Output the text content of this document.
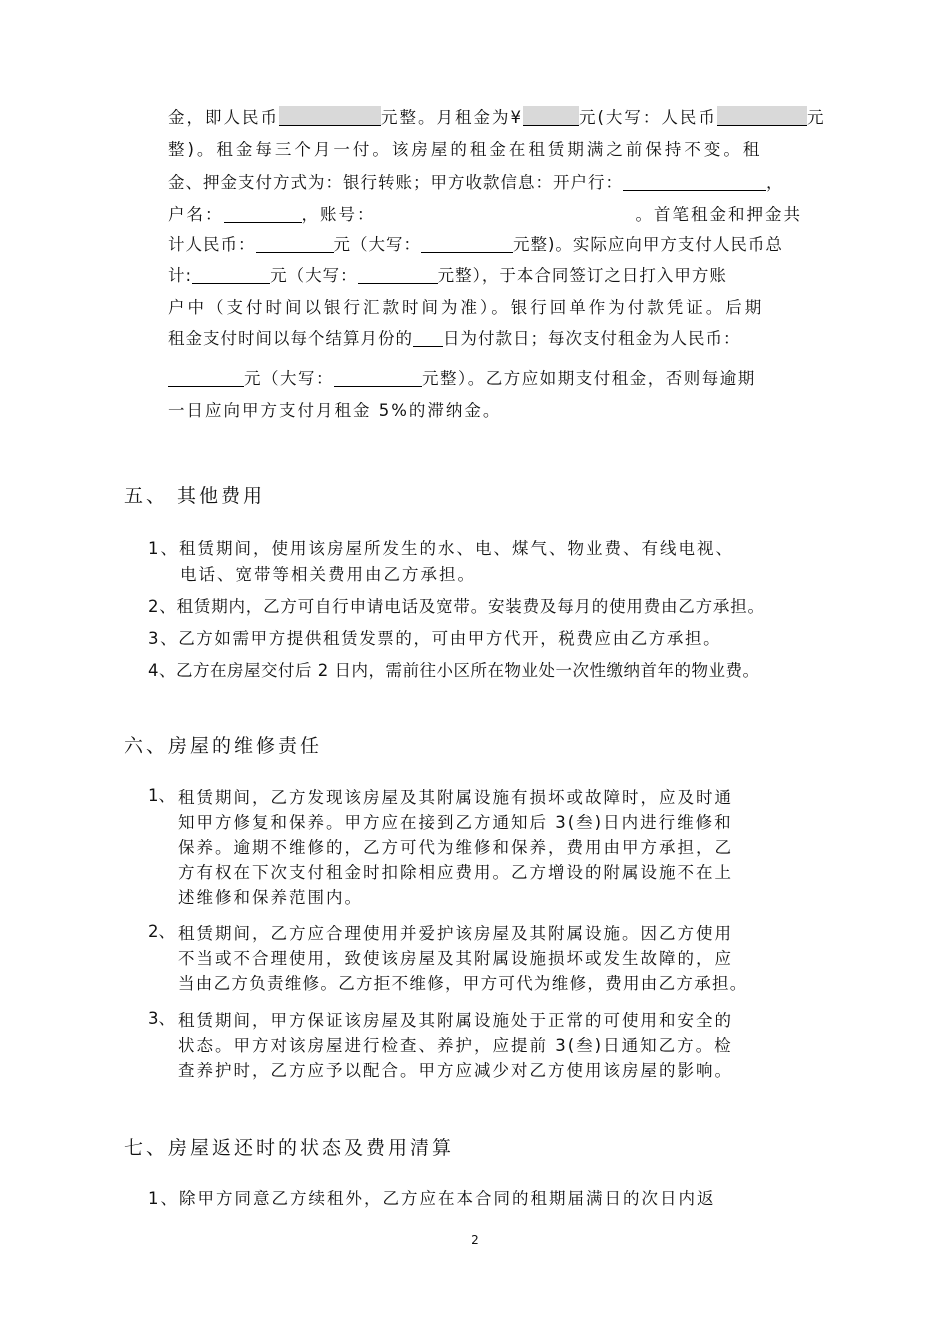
金，即人民币	元整。月租金为¥	元(大写：人民币	元
整)。租金每三个月一付。该房屋的租金在租赁期满之前保持不变。租
金、押金支付方式为：银行转账；甲方收款信息：开户行：	，
户名：	，账号：	。首笔租金和押金共
计人民币：	元（大写：	元整)。实际应向甲方支付人民币总
计:	元（大写：	元整），于本合同签订之日打入甲方账
户中（支付时间以银行汇款时间为准）。银行回单作为付款凭证。后期
租金支付时间以每个结算月份的 日为付款日；每次支付租金为人民币：
元（大写：	元整）。乙方应如期支付租金，否则每逾期
一日应向甲方支付月租金 5%的滞纳金。
五、 其他费用
1、租赁期间，使用该房屋所发生的水、电、煤气、物业费、有线电视、
电话、宽带等相关费用由乙方承担。
2、租赁期内，乙方可自行申请电话及宽带。安装费及每月的使用费由乙方承担。
3、乙方如需甲方提供租赁发票的，可由甲方代开，税费应由乙方承担。
4、乙方在房屋交付后 2 日内，需前往小区所在物业处一次性缴纳首年的物业费。
六、房屋的维修责任
1、 租赁期间，乙方发现该房屋及其附属设施有损坏或故障时，应及时通
知甲方修复和保养。甲方应在接到乙方通知后 3(叁)日内进行维修和
保养。逾期不维修的，乙方可代为维修和保养，费用由甲方承担，乙
方有权在下次支付租金时扣除相应费用。乙方增设的附属设施不在上
述维修和保养范围内。
2、 租赁期间，乙方应合理使用并爱护该房屋及其附属设施。因乙方使用
不当或不合理使用，致使该房屋及其附属设施损坏或发生故障的，应
当由乙方负责维修。乙方拒不维修，甲方可代为维修，费用由乙方承担。
3、 租赁期间，甲方保证该房屋及其附属设施处于正常的可使用和安全的
状态。甲方对该房屋进行检查、养护，应提前 3(叁)日通知乙方。检
查养护时，乙方应予以配合。甲方应减少对乙方使用该房屋的影响。
七、房屋返还时的状态及费用清算
1、除甲方同意乙方续租外，乙方应在本合同的租期届满日的次日内返
2
